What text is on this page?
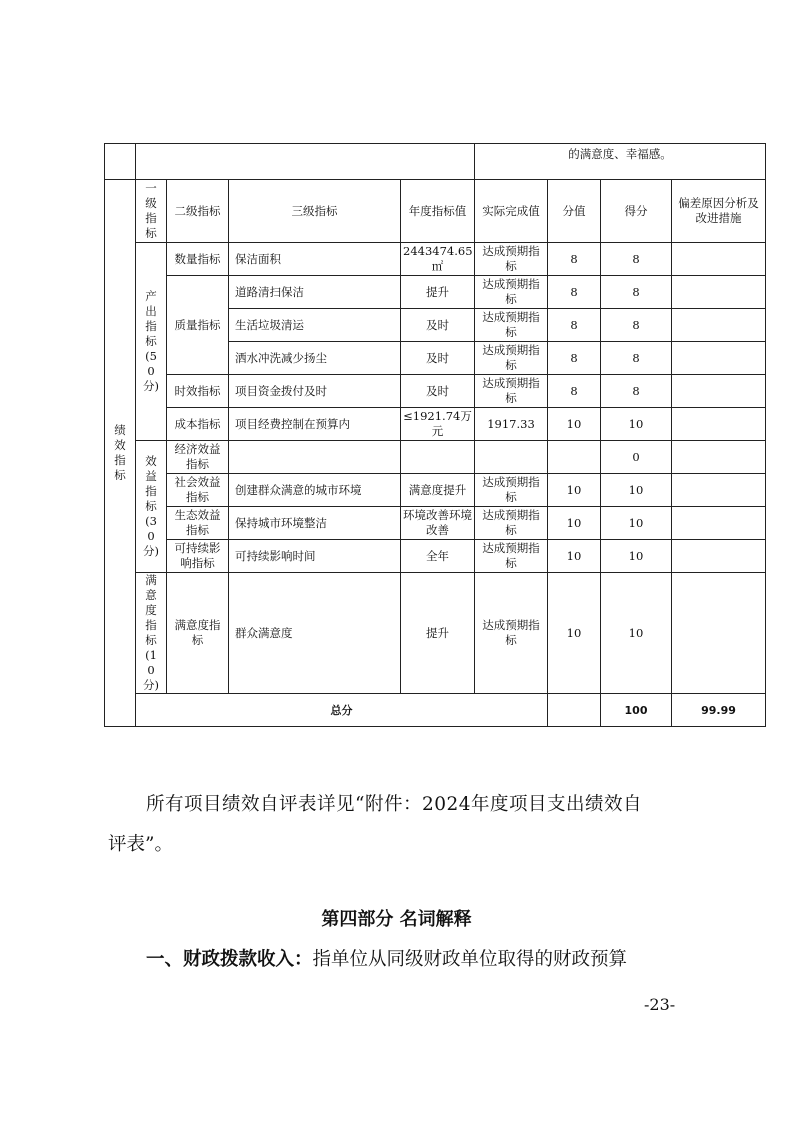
					的满意度、幸福感。				
绩效指标	一级指标	二级指标	三级指标	年度指标值	实际完成值	分值	得分	偏差原因分析及改进措施	
	产出指标(50分)	数量指标	保洁面积	2443474.65㎡	达成预期指标	8	8		
		质量指标	道路清扫保洁	提升	达成预期指标	8	8		
			生活垃圾清运	及时	达成预期指标	8	8		
			洒水冲洗减少扬尘	及时	达成预期指标	8	8		
		时效指标	项目资金拨付及时	及时	达成预期指标	8	8		
		成本指标	项目经费控制在预算内	≤1921.74万元	1917.33	10	10		
	效益指标(30分)	经济效益指标					0		
		社会效益指标	创建群众满意的城市环境	满意度提升	达成预期指标	10	10		
		生态效益指标	保持城市环境整洁	环境改善环境改善	达成预期指标	10	10		
		可持续影响指标	可持续影响时间	全年	达成预期指标	10	10		
	满意度指标(10分)	满意度指标	群众满意度	提升	达成预期指标	10	10		
	总分						100	99.99	
所有项目绩效自评表详见“附件：2024年度项目支出绩效自
评表”。
第四部分 名词解释
一、财政拨款收入：指单位从同级财政单位取得的财政预算
-23-
